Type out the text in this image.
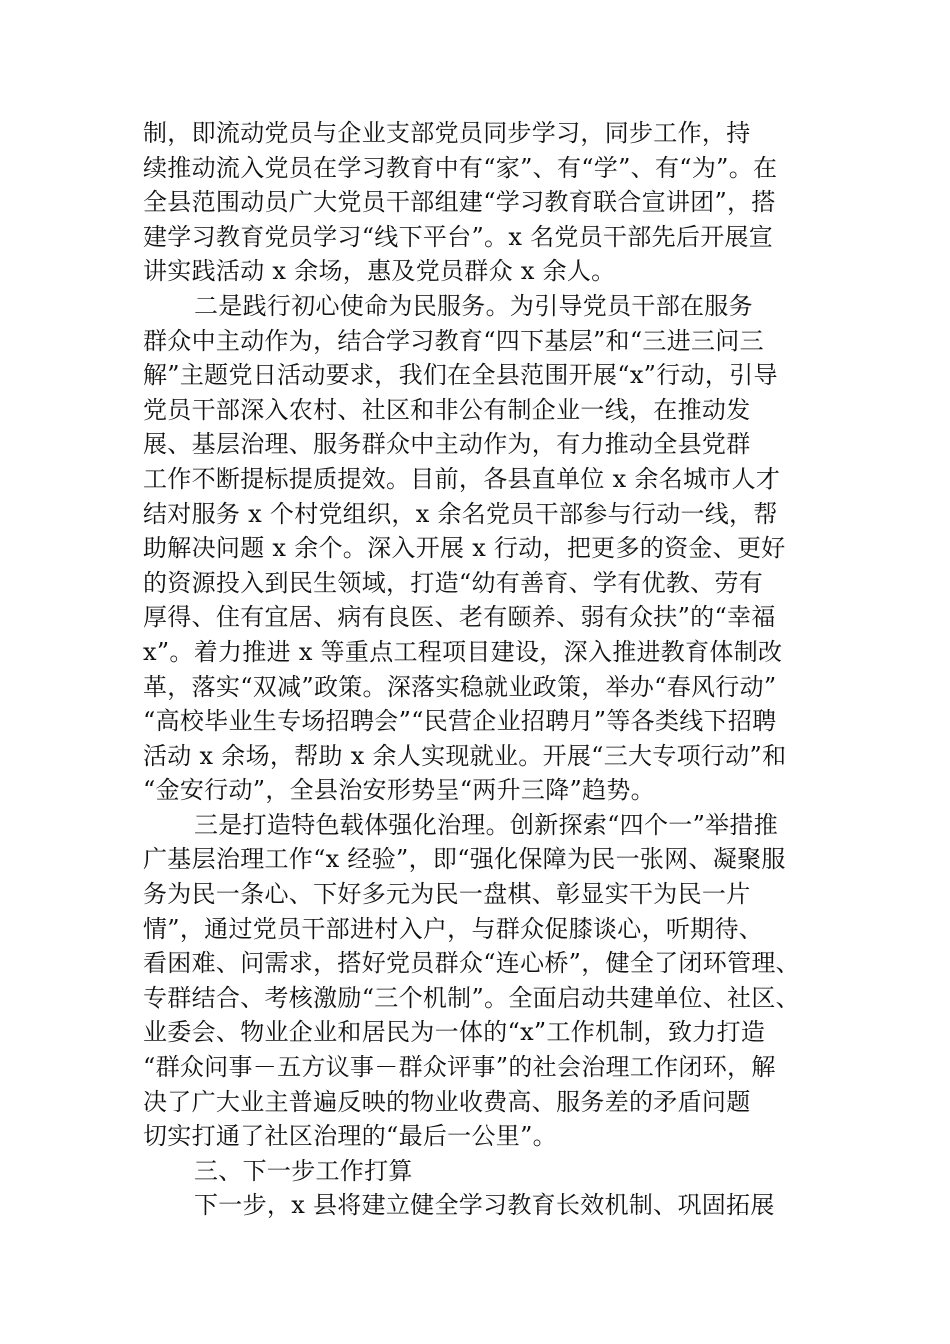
制，即流动党员与企业支部党员同步学习，同步工作，持
续推动流入党员在学习教育中有“家”、有“学”、有“为”。在
全县范围动员广大党员干部组建“学习教育联合宣讲团”，搭
建学习教育党员学习“线下平台”。x 名党员干部先后开展宣
讲实践活动 x 余场，惠及党员群众 x 余人。
二是践行初心使命为民服务。为引导党员干部在服务
群众中主动作为，结合学习教育“四下基层”和“三进三问三
解”主题党日活动要求，我们在全县范围开展“x”行动，引导
党员干部深入农村、社区和非公有制企业一线，在推动发
展、基层治理、服务群众中主动作为，有力推动全县党群
工作不断提标提质提效。目前，各县直单位 x 余名城市人才
结对服务 x 个村党组织，x 余名党员干部参与行动一线，帮
助解决问题 x 余个。深入开展 x 行动，把更多的资金、更好
的资源投入到民生领域，打造“幼有善育、学有优教、劳有
厚得、住有宜居、病有良医、老有颐养、弱有众扶”的“幸福
x”。着力推进 x 等重点工程项目建设，深入推进教育体制改
革，落实“双减”政策。深落实稳就业政策，举办“春风行动”
“高校毕业生专场招聘会”“民营企业招聘月”等各类线下招聘
活动 x 余场，帮助 x 余人实现就业。开展“三大专项行动”和
“金安行动”，全县治安形势呈“两升三降”趋势。
三是打造特色载体强化治理。创新探索“四个一”举措推
广基层治理工作“x 经验”，即“强化保障为民一张网、凝聚服
务为民一条心、下好多元为民一盘棋、彰显实干为民一片
情”，通过党员干部进村入户，与群众促膝谈心，听期待、
看困难、问需求，搭好党员群众“连心桥”，健全了闭环管理、
专群结合、考核激励“三个机制”。全面启动共建单位、社区、
业委会、物业企业和居民为一体的“x”工作机制，致力打造
“群众问事－五方议事－群众评事”的社会治理工作闭环，解
决了广大业主普遍反映的物业收费高、服务差的矛盾问题
切实打通了社区治理的“最后一公里”。
三、下一步工作打算
下一步，x 县将建立健全学习教育长效机制、巩固拓展
